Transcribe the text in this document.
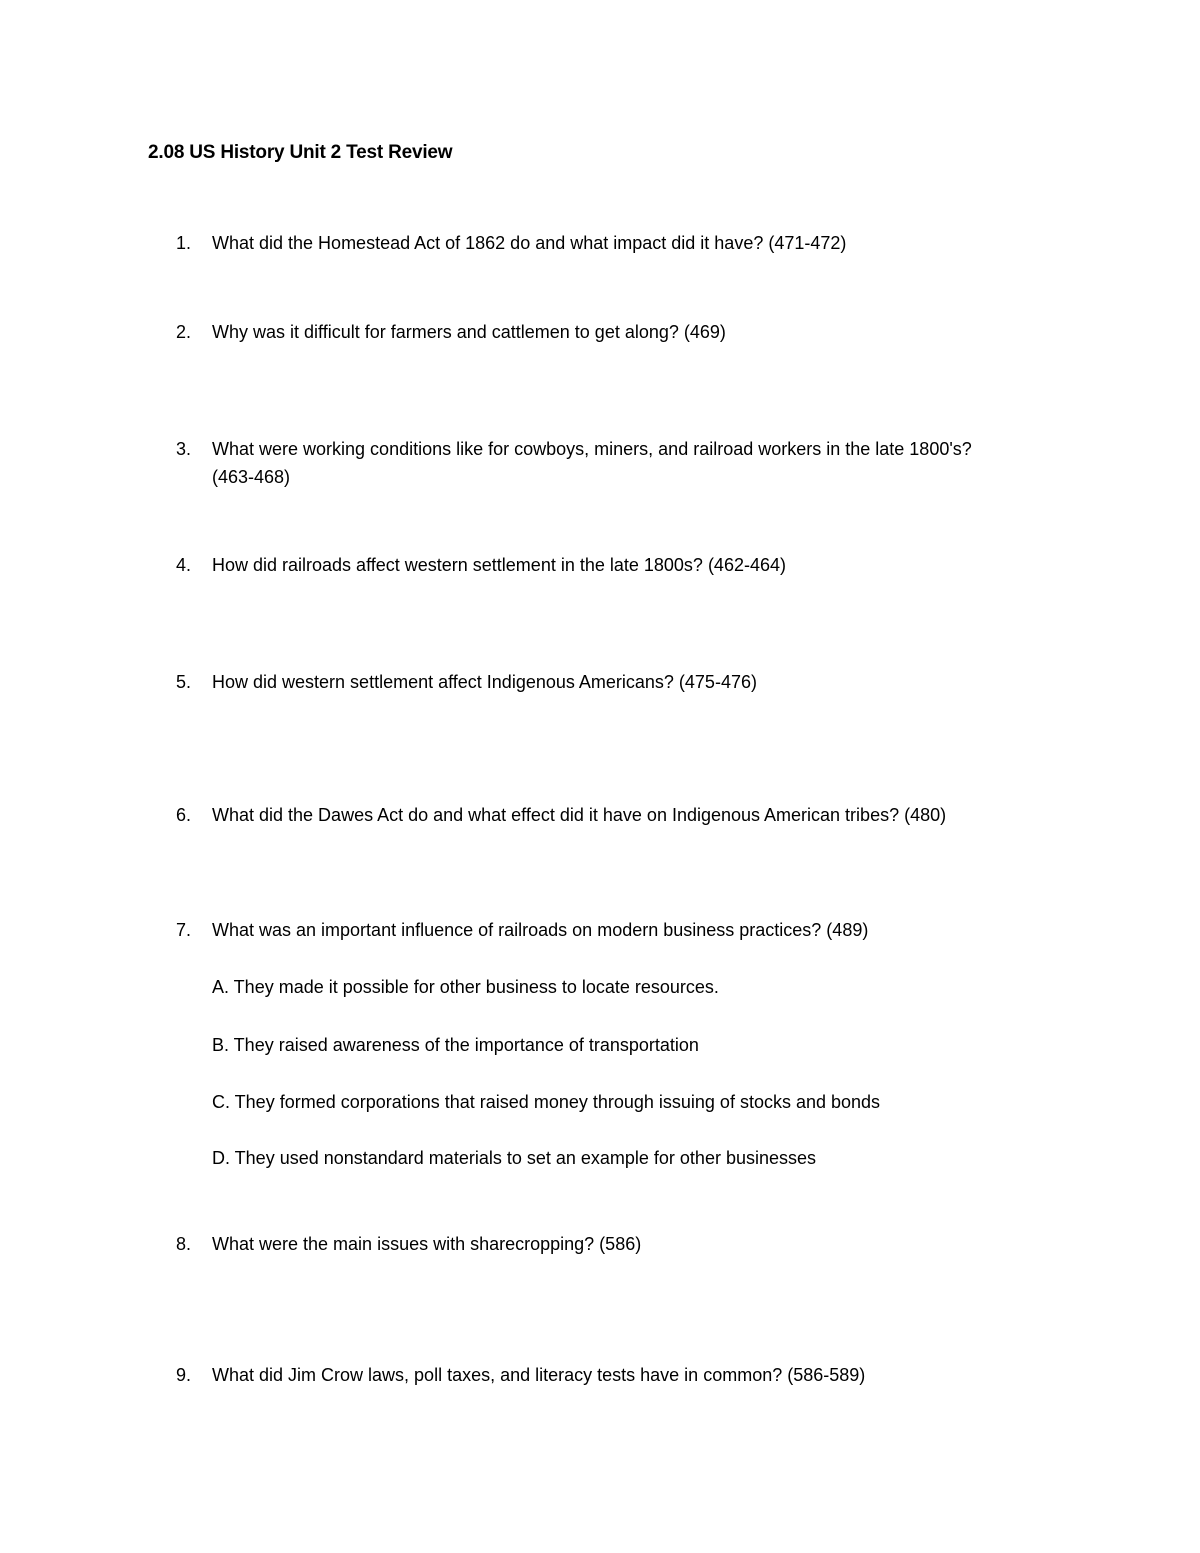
2.08 US History Unit 2 Test Review
1. What did the Homestead Act of 1862 do and what impact did it have? (471-472)
2. Why was it difficult for farmers and cattlemen to get along? (469)
3. What were working conditions like for cowboys, miners, and railroad workers in the late 1800's?
(463-468)
4. How did railroads affect western settlement in the late 1800s? (462-464)
5. How did western settlement affect Indigenous Americans? (475-476)
6. What did the Dawes Act do and what effect did it have on Indigenous American tribes? (480)
7. What was an important influence of railroads on modern business practices? (489)
A. They made it possible for other business to locate resources.
B. They raised awareness of the importance of transportation
C. They formed corporations that raised money through issuing of stocks and bonds
D. They used nonstandard materials to set an example for other businesses
8. What were the main issues with sharecropping? (586)
9. What did Jim Crow laws, poll taxes, and literacy tests have in common? (586-589)
